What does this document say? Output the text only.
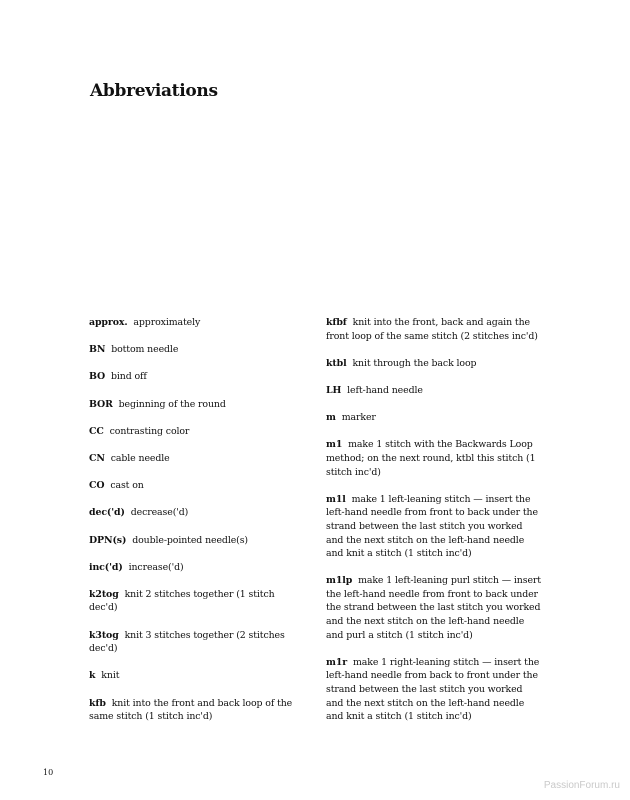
Abbreviations

approx. approximately

BN bottom needle

BO bind off

BOR beginning of the round

CC contrasting color

CN cable needle

CO cast on

dec('d) decrease('d)

DPN(s) double-pointed needle(s)

inc('d) increase('d)

k2tog knit 2 stitches together (1 stitch dec'd)

k3tog knit 3 stitches together (2 stitches dec'd)

k knit

kfb knit into the front and back loop of the same stitch (1 stitch inc'd)

kfbf knit into the front, back and again the front loop of the same stitch (2 stitches inc'd)

ktbl knit through the back loop

LH left-hand needle

m marker

m1 make 1 stitch with the Backwards Loop method; on the next round, ktbl this stitch (1 stitch inc'd)

m1l make 1 left-leaning stitch — insert the left-hand needle from front to back under the strand between the last stitch you worked and the next stitch on the left-hand needle and knit a stitch (1 stitch inc'd)

m1lp make 1 left-leaning purl stitch — insert the left-hand needle from front to back under the strand between the last stitch you worked and the next stitch on the left-hand needle and purl a stitch (1 stitch inc'd)

m1r make 1 right-leaning stitch — insert the left-hand needle from back to front under the strand between the last stitch you worked and the next stitch on the left-hand needle and knit a stitch (1 stitch inc'd)

10
PassionForum.ru
